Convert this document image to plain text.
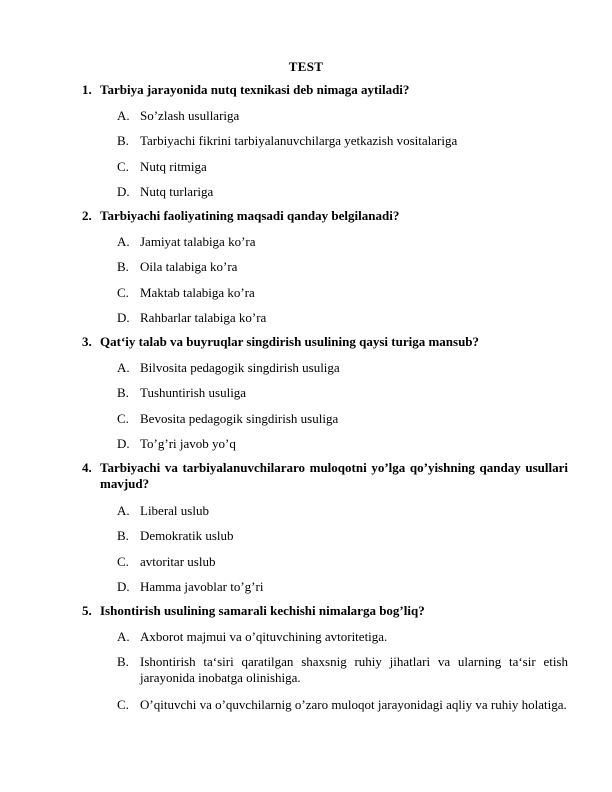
TEST
1. Tarbiya jarayonida nutq texnikasi deb nimaga aytiladi?
A. So’zlash usullariga
B. Tarbiyachi fikrini tarbiyalanuvchilarga yetkazish vositalariga
C. Nutq ritmiga
D. Nutq turlariga
2. Tarbiyachi faoliyatining maqsadi qanday belgilanadi?
A. Jamiyat talabiga ko’ra
B. Oila talabiga ko’ra
C. Maktab talabiga ko’ra
D. Rahbarlar talabiga ko’ra
3. Qat‘iy talab va buyruqlar singdirish usulining qaysi turiga mansub?
A. Bilvosita pedagogik singdirish usuliga
B. Tushuntirish usuliga
C. Bevosita pedagogik singdirish usuliga
D. To’g’ri javob yo’q
4. Tarbiyachi va tarbiyalanuvchilararo muloqotni yo’lga qo’yishning qanday usullari mavjud?
A. Liberal uslub
B. Demokratik uslub
C. avtoritar uslub
D. Hamma javoblar to’g’ri
5. Ishontirish usulining samarali kechishi nimalarga bog’liq?
A. Axborot majmui va o’qituvchining avtoritetiga.
B. Ishontirish ta‘siri qaratilgan shaxsnig ruhiy jihatlari va ularning ta‘sir etish jarayonida inobatga olinishiga.
C. O’qituvchi va o’quvchilarnig o’zaro muloqot jarayonidagi aqliy va ruhiy holatiga.
